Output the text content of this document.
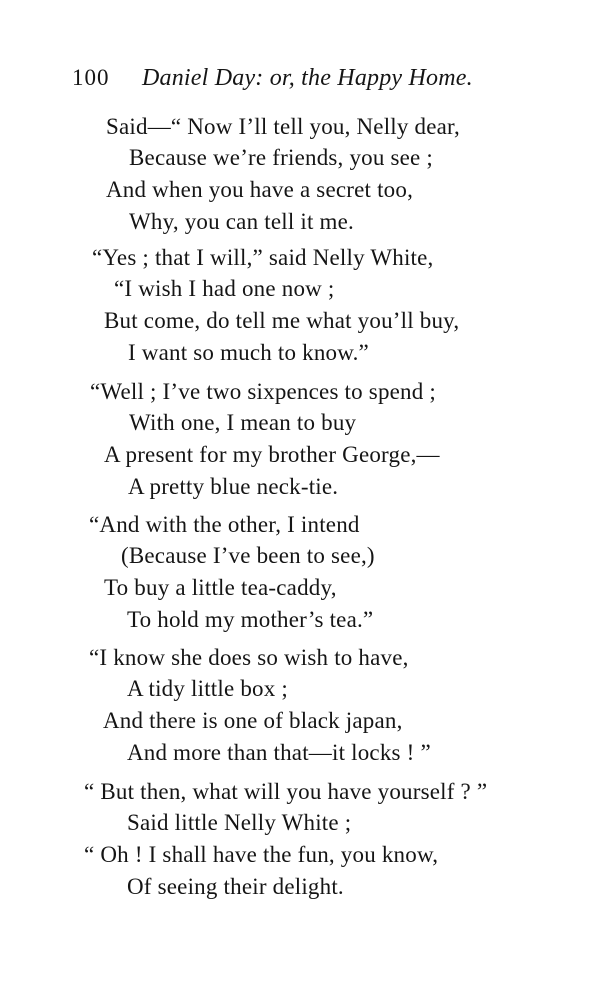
100 Daniel Day: or, the Happy Home.
Said—“ Now I’ll tell you, Nelly dear,
Because we’re friends, you see ;
And when you have a secret too,
Why, you can tell it me.
“Yes ; that I will,” said Nelly White,
“I wish I had one now ;
But come, do tell me what you’ll buy,
I want so much to know.”
“Well ; I’ve two sixpences to spend ;
With one, I mean to buy
A present for my brother George,—
A pretty blue neck-tie.
“And with the other, I intend
(Because I’ve been to see,)
To buy a little tea-caddy,
To hold my mother’s tea.”
“I know she does so wish to have,
A tidy little box ;
And there is one of black japan,
And more than that—it locks ! ”
“ But then, what will you have yourself ? ”
Said little Nelly White ;
“ Oh ! I shall have the fun, you know,
Of seeing their delight.
